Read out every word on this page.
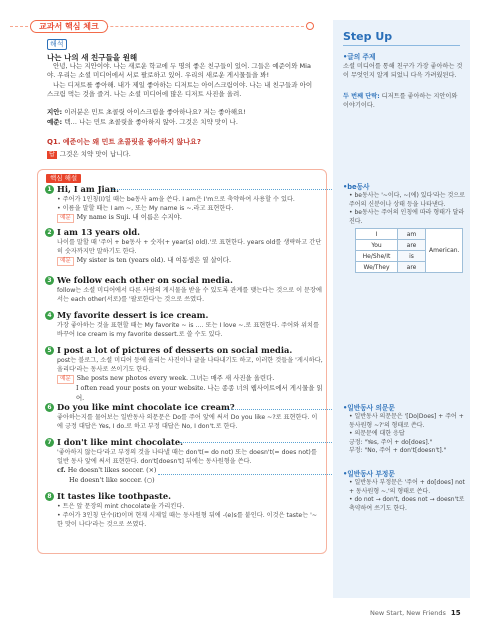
교과서 핵심 체크
해석
나는 나의 새 친구들을 원해

안녕, 나는 지안이야. 나는 새로운 학교에 두 명의 좋은 친구들이 있어. 그들은 예준이와 Mia야. 우리는 소셜 미디어에서 서로 팔로하고 있어. 우리의 새로운 게시물들을 봐!

나는 디저트를 좋아해. 내가 제일 좋아하는 디저트는 아이스크림이야. 나는 내 친구들과 아이스크림 먹는 것을 즐겨. 나는 소셜 미디어에 많은 디저트 사진을 올려.

지안: 이러분은 민트 초콜릿 아이스크림을 좋아하나요? 저는 좋아해요!
예준: 텍… 나는 민트 초콜릿을 좋아하지 않아. 그것은 치약 맛이 나.
Q1. 예준이는 왜 민트 초콜릿을 좋아하지 않나요?
답 그것은 치약 맛이 납니다.
핵심 해설
1 Hi, I am Jian.
• 주어가 1인칭(I)일 때는 be동사 am을 쓴다. I am은 I'm으로 축약하여 사용할 수 있다.
• 이름을 말할 때는 I am ~, 또는 My name is ~.라고 표현한다.
예문 My name is Suji. 내 이름은 수지야.
2 I am 13 years old.
나이를 말할 때 '주어 + be동사 + 숫자(+ year(s) old).'로 표현한다. years old를 생략하고 간단히 숫자까지만 말하기도 한다.
예문 My sister is ten (years old). 내 여동생은 열 살이다.
3 We follow each other on social media.
follow는 소셜 미디어에서 다른 사람의 게시물을 받을 수 있도록 관계를 맺는다는 것으로 이 문장에서는 each other(서로)를 '팔로한다'는 것으로 쓰였다.
4 My favorite dessert is ice cream.
가장 좋아하는 것을 표현할 때는 My favorite ~ is …. 또는 I love ~.로 표현한다. 주어와 위치를 바꾸어 Ice cream is my favorite dessert.로 쓸 수도 있다.
5 I post a lot of pictures of desserts on social media.
post는 블로그, 소셜 미디어 등에 올리는 사진이나 글을 나타내기도 하고, 이러한 것들을 '게시하다, 올리다'라는 동사로 쓰이기도 한다.
예문 She posts new photos every week. 그녀는 매주 새 사진을 올린다.
I often read your posts on your website. 나는 종종 너의 웹사이트에서 게시물을 읽어.
6 Do you like mint chocolate ice cream?
좋아하는지를 물어보는 일반동사 의문문은 Do를 주어 앞에 써서 Do you like ~?로 표현한다. 이에 긍정 대답은 Yes, I do.로 하고 부정 대답은 No, I don't.로 한다.
7 I don't like mint chocolate.
'좋아하지 않는다'라고 부정의 것을 나타낼 때는 don't(= do not) 또는 doesn't(= does not)를 일반 동사 앞에 써서 표현한다. don't[doesn't] 뒤에는 동사원형을 쓴다.
cf. He doesn't likes soccer. (×)
He doesn't like soccer. (○)
8 It tastes like toothpaste.
• 트은 앞 문장의 mint chocolate을 가리킨다.
• 주어가 3인칭 단수(it)이며 현재 시제일 때는 동사원형 뒤에 -(e)s를 붙인다. 이것은 taste는 '~한 맛이 나다'라는 것으로 쓰였다.
Step Up
•글의 주제
소셜 미디어를 통해 친구가 가장 좋아하는 것이 무엇인지 알게 되었니 다윽 가려웠된다.
두 번째 단락: 디저트를 좋아하는 지안이와 이야기이다.
•be동사
• be동사는 '~이다, ~(에) 있다'라는 것으로 주어의 신분이나 상태 등을 나타낸다.
• be동사는 주어의 인칭에 따라 형태가 달라진다.
I	am	American.
You	are	
He/She/It	is	
We/They	are	
•일반동사 의문문
• 일반동사 의문문은 '[Do|Does] + 주어 + 동사원형 ~?'의 형태로 쓴다.
• 의문문에 대한 응답
긍정: "Yes, 주어 + do[does]."
부정: "No, 주어 + don't[doesn't]."
•일반동사 부정문
• 일반동사 부정문은 '주어 + do[does] not + 동사원형 ~.'의 형태로 쓴다.
• do not → don't, does not → doesn't로 축약하여 쓰기도 한다.
New Start, New Friends 15
